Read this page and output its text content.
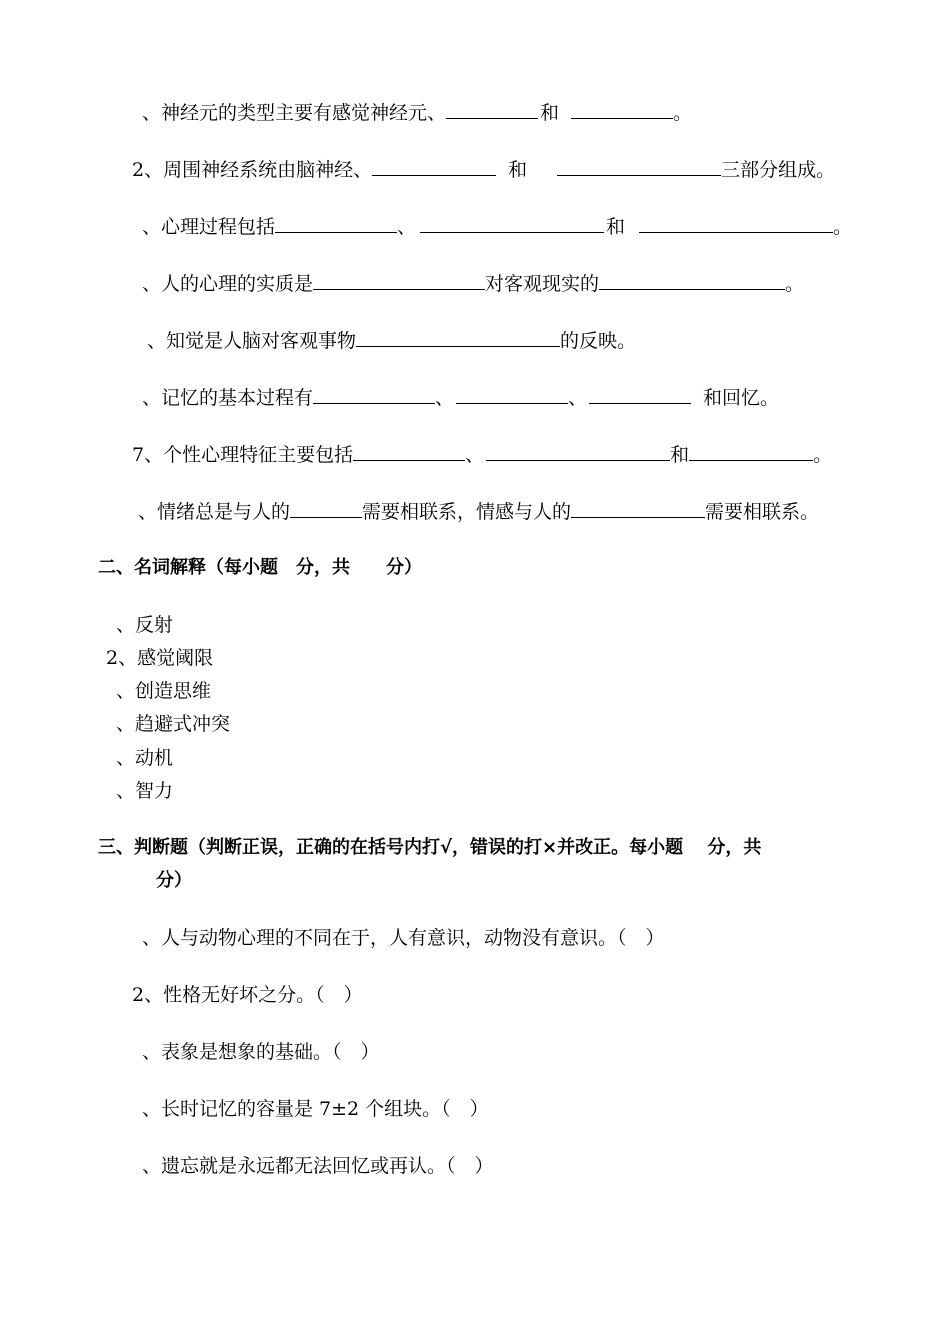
、神经元的类型主要有感觉神经元、	和	。
2、周围神经系统由脑神经、	和	三部分组成。
、心理过程包括	、	和	。
、人的心理的实质是	对客观现实的	。
、知觉是人脑对客观事物	的反映。
、记忆的基本过程有	、	、	和回忆。
7、个性心理特征主要包括	、	和	。
、情绪总是与人的	需要相联系，情感与人的	需要相联系。
二、名词解释（每小题　分，共　　分）
、反射
2、感觉阈限
、创造思维
、趋避式冲突
、动机
、智力
三、判断题（判断正误，正确的在括号内打√，错误的打×并改正。每小题　 分，共
分）
、人与动物心理的不同在于，人有意识，动物没有意识。（　）
2、性格无好坏之分。（　）
、表象是想象的基础。（　）
、长时记忆的容量是 7±2 个组块。（　）
、遗忘就是永远都无法回忆或再认。（　）
